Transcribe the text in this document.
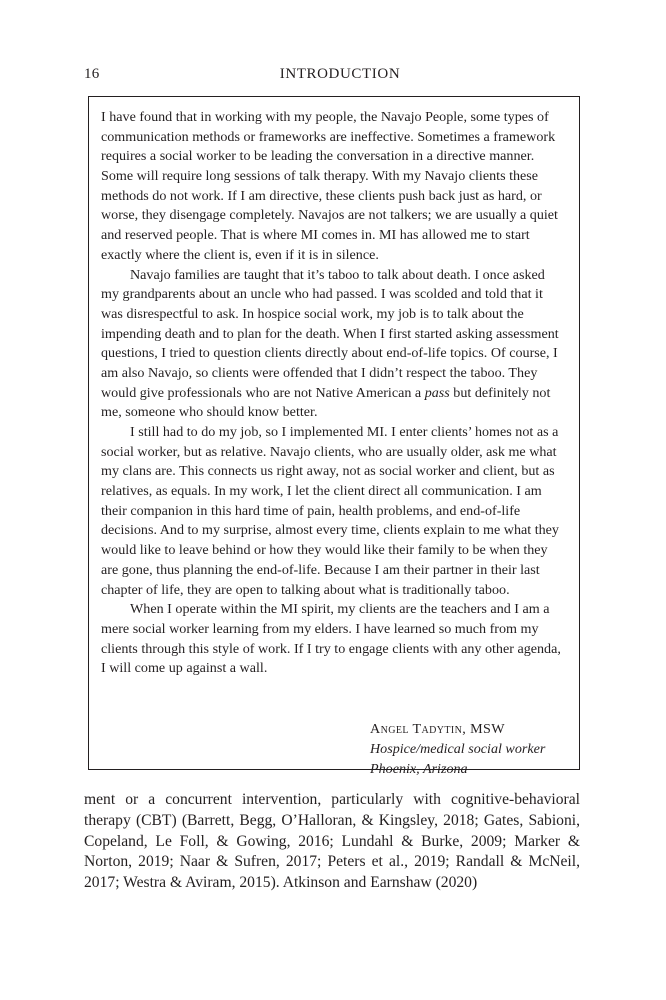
16	INTRODUCTION

I have found that in working with my people, the Navajo People, some types of communication methods or frameworks are ineffective. Sometimes a framework requires a social worker to be leading the conversation in a directive manner. Some will require long sessions of talk therapy. With my Navajo clients these methods do not work. If I am directive, these clients push back just as hard, or worse, they disengage completely. Navajos are not talkers; we are usually a quiet and reserved people. That is where MI comes in. MI has allowed me to start exactly where the client is, even if it is in silence.

Navajo families are taught that it’s taboo to talk about death. I once asked my grandparents about an uncle who had passed. I was scolded and told that it was disrespectful to ask. In hospice social work, my job is to talk about the impending death and to plan for the death. When I first started asking assessment questions, I tried to question clients directly about end-of-life topics. Of course, I am also Navajo, so clients were offended that I didn’t respect the taboo. They would give professionals who are not Native American a pass but definitely not me, someone who should know better.

I still had to do my job, so I implemented MI. I enter clients’ homes not as a social worker, but as relative. Navajo clients, who are usually older, ask me what my clans are. This connects us right away, not as social worker and client, but as relatives, as equals. In my work, I let the client direct all communication. I am their companion in this hard time of pain, health problems, and end-of-life decisions. And to my surprise, almost every time, clients explain to me what they would like to leave behind or how they would like their family to be when they are gone, thus planning the end-of-life. Because I am their partner in their last chapter of life, they are open to talking about what is traditionally taboo.

When I operate within the MI spirit, my clients are the teachers and I am a mere social worker learning from my elders. I have learned so much from my clients through this style of work. If I try to engage clients with any other agenda, I will come up against a wall.

Angel Tadytin, MSW
Hospice/medical social worker
Phoenix, Arizona

ment or a concurrent intervention, particularly with cognitive-behavioral therapy (CBT) (Barrett, Begg, O’Halloran, & Kingsley, 2018; Gates, Sabioni, Copeland, Le Foll, & Gowing, 2016; Lundahl & Burke, 2009; Marker & Norton, 2019; Naar & Sufren, 2017; Peters et al., 2019; Randall & McNeil, 2017; Westra & Aviram, 2015). Atkinson and Earnshaw (2020)
